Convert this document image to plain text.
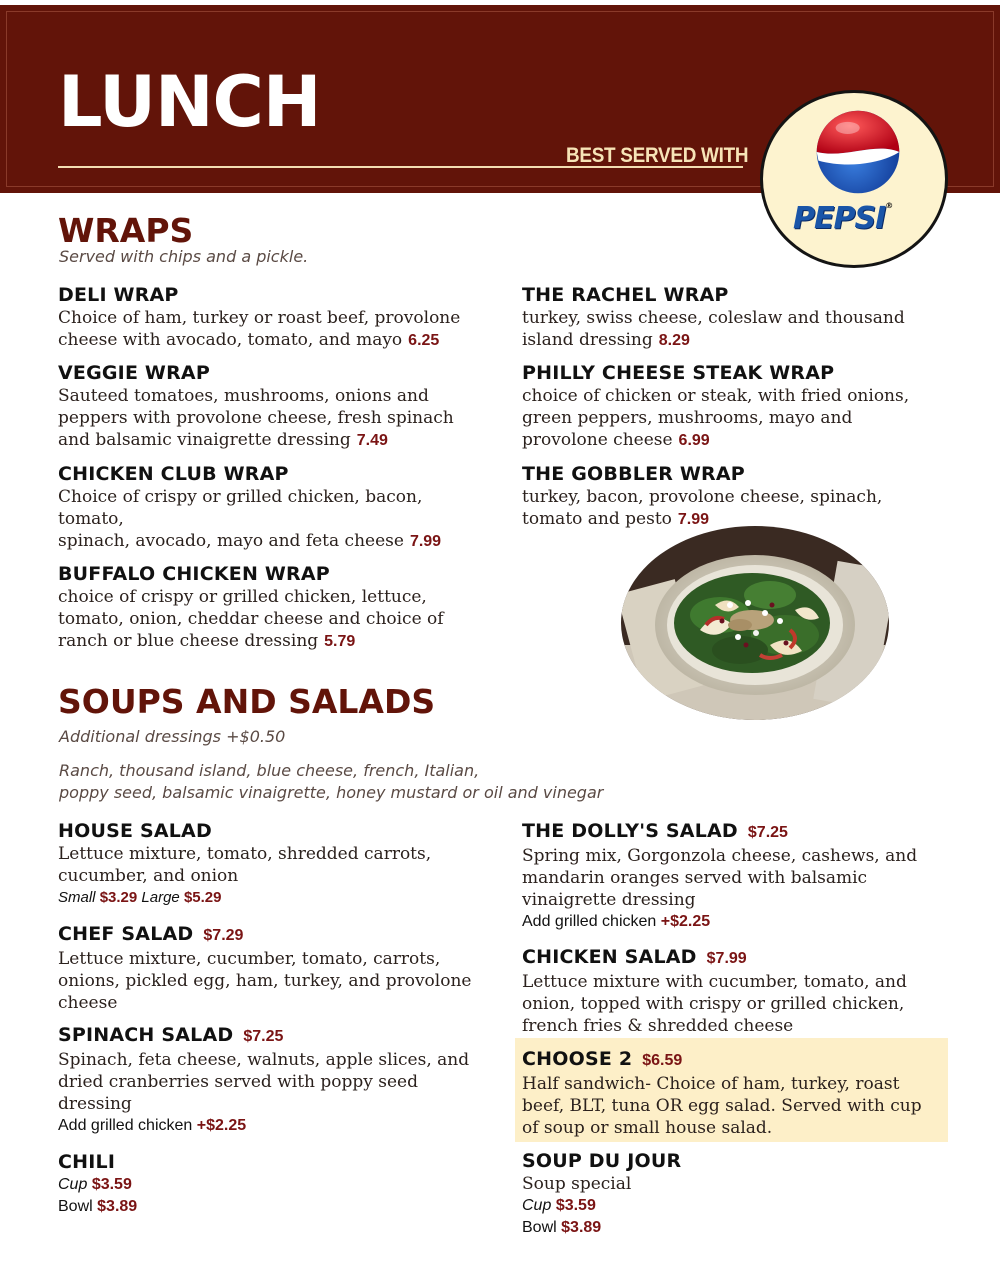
LUNCH
BEST SERVED WITH
PEPSI®
WRAPS
Served with chips and a pickle.
DELI WRAP
Choice of ham, turkey or roast beef, provolone cheese with avocado, tomato, and mayo 6.25
VEGGIE WRAP
Sauteed tomatoes, mushrooms, onions and peppers with provolone cheese, fresh spinach and balsamic vinaigrette dressing 7.49
CHICKEN CLUB WRAP
Choice of crispy or grilled chicken, bacon, tomato,
spinach, avocado, mayo and feta cheese 7.99
BUFFALO CHICKEN WRAP
choice of crispy or grilled chicken, lettuce, tomato, onion, cheddar cheese and choice of ranch or blue cheese dressing 5.79
THE RACHEL WRAP
turkey, swiss cheese, coleslaw and thousand island dressing 8.29
PHILLY CHEESE STEAK WRAP
choice of chicken or steak, with fried onions, green peppers, mushrooms, mayo and provolone cheese 6.99
THE GOBBLER WRAP
turkey, bacon, provolone cheese, spinach, tomato and pesto 7.99
SOUPS AND SALADS
Additional dressings +$0.50
Ranch, thousand island, blue cheese, french, Italian,
poppy seed, balsamic vinaigrette, honey mustard or oil and vinegar
HOUSE SALAD
Lettuce mixture, tomato, shredded carrots, cucumber, and onion
Small $3.29 Large $5.29
CHEF SALAD $7.29
Lettuce mixture, cucumber, tomato, carrots, onions, pickled egg, ham, turkey, and provolone cheese
SPINACH SALAD $7.25
Spinach, feta cheese, walnuts, apple slices, and dried cranberries served with poppy seed dressing
Add grilled chicken +$2.25
CHILI
Cup $3.59
Bowl $3.89
THE DOLLY'S SALAD $7.25
Spring mix, Gorgonzola cheese, cashews, and mandarin oranges served with balsamic vinaigrette dressing
Add grilled chicken +$2.25
CHICKEN SALAD $7.99
Lettuce mixture with cucumber, tomato, and onion, topped with crispy or grilled chicken, french fries & shredded cheese
CHOOSE 2 $6.59
Half sandwich- Choice of ham, turkey, roast beef, BLT, tuna OR egg salad. Served with cup of soup or small house salad.
SOUP DU JOUR
Soup special
Cup $3.59
Bowl $3.89
